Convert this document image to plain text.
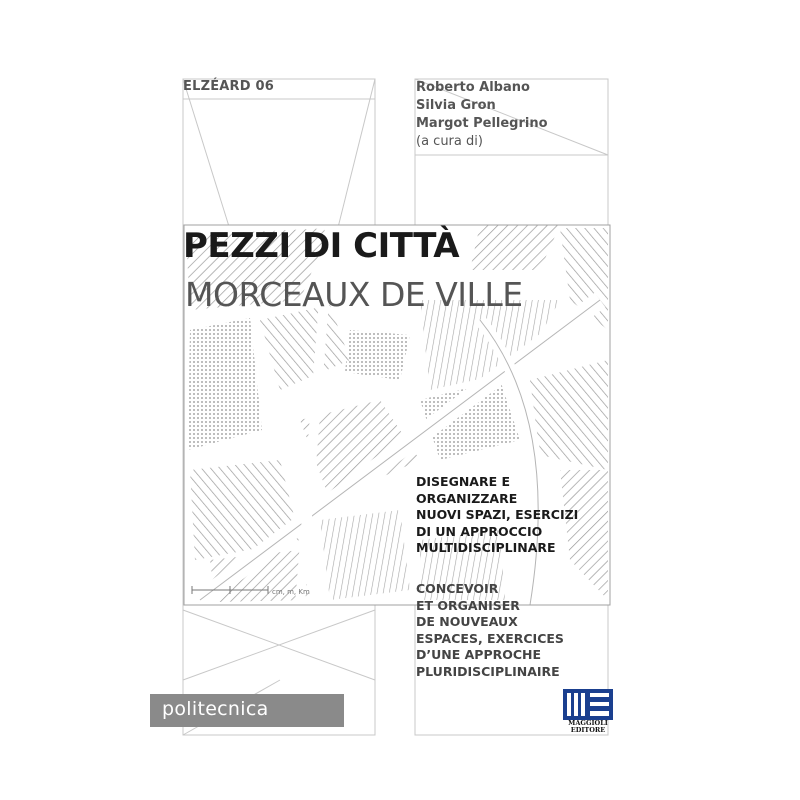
cm, m, Km

ELZÉARD 06	Roberto Albano
Silvia Gron
Margot Pellegrino
(a cura di)
PEZZI DI CITTÀ
MORCEAUX DE VILLE

DISEGNARE E
ORGANIZZARE
NUOVI SPAZI, ESERCIZI
DI UN APPROCCIO
MULTIDISCIPLINARE

CONCEVOIR
ET ORGANISER
DE NOUVEAUX
ESPACES, EXERCICES
D’UNE APPROCHE
PLURIDISCIPLINAIRE

politecnica
MAGGIOLI
EDITORE
